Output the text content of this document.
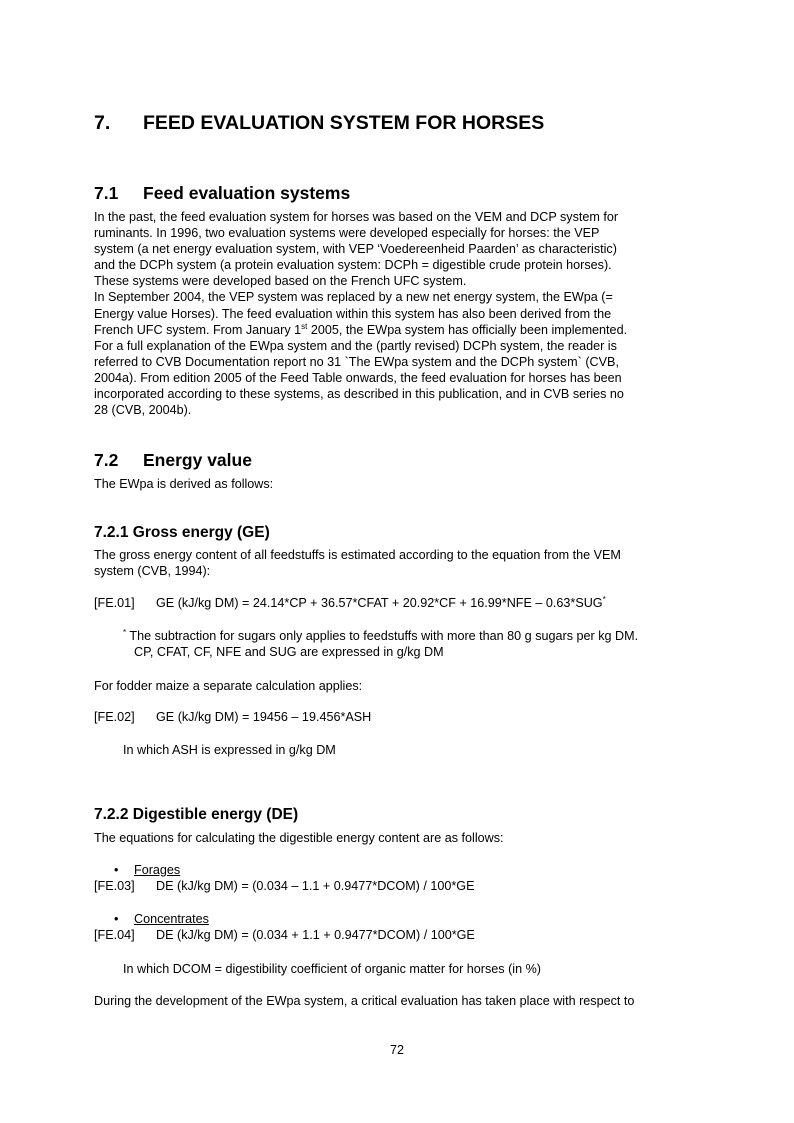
7. FEED EVALUATION SYSTEM FOR HORSES
7.1 Feed evaluation systems
In the past, the feed evaluation system for horses was based on the VEM and DCP system for
ruminants. In 1996, two evaluation systems were developed especially for horses: the VEP
system (a net energy evaluation system, with VEP ‘Voedereenheid Paarden’ as characteristic)
and the DCPh system (a protein evaluation system: DCPh = digestible crude protein horses).
These systems were developed based on the French UFC system.
In September 2004, the VEP system was replaced by a new net energy system, the EWpa (=
Energy value Horses). The feed evaluation within this system has also been derived from the
French UFC system. From January 1st 2005, the EWpa system has officially been implemented.
For a full explanation of the EWpa system and the (partly revised) DCPh system, the reader is
referred to CVB Documentation report no 31 `The EWpa system and the DCPh system` (CVB,
2004a). From edition 2005 of the Feed Table onwards, the feed evaluation for horses has been
incorporated according to these systems, as described in this publication, and in CVB series no
28 (CVB, 2004b).
7.2 Energy value
The EWpa is derived as follows:
7.2.1 Gross energy (GE)
The gross energy content of all feedstuffs is estimated according to the equation from the VEM
system (CVB, 1994):
[FE.01] GE (kJ/kg DM) = 24.14*CP + 36.57*CFAT + 20.92*CF + 16.99*NFE – 0.63*SUG*
* The subtraction for sugars only applies to feedstuffs with more than 80 g sugars per kg DM.
CP, CFAT, CF, NFE and SUG are expressed in g/kg DM
For fodder maize a separate calculation applies:
[FE.02] GE (kJ/kg DM) = 19456 – 19.456*ASH
In which ASH is expressed in g/kg DM
7.2.2 Digestible energy (DE)
The equations for calculating the digestible energy content are as follows:
• Forages
[FE.03] DE (kJ/kg DM) = (0.034 – 1.1 + 0.9477*DCOM) / 100*GE
• Concentrates
[FE.04] DE (kJ/kg DM) = (0.034 + 1.1 + 0.9477*DCOM) / 100*GE
In which DCOM = digestibility coefficient of organic matter for horses (in %)
During the development of the EWpa system, a critical evaluation has taken place with respect to
72
